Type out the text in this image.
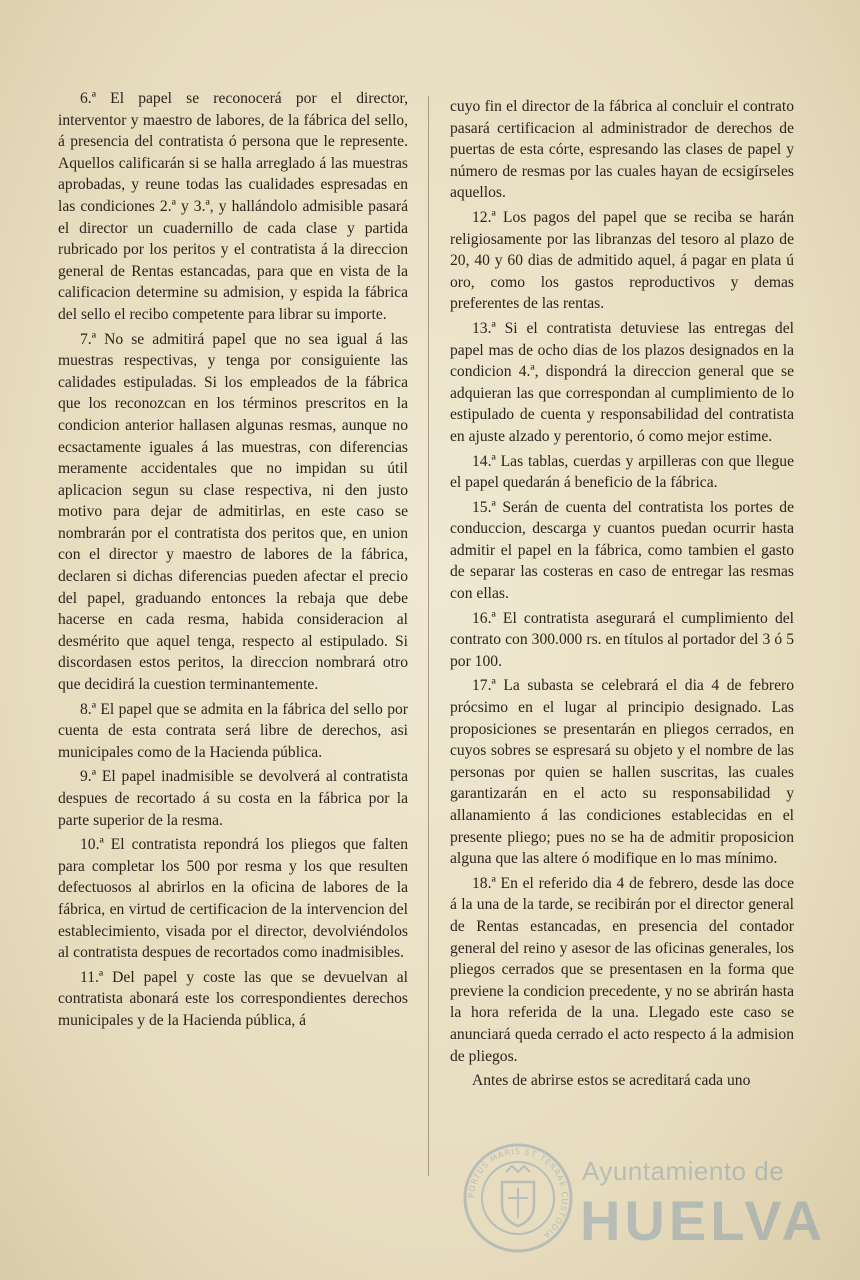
6.ª El papel se reconocerá por el director, interventor y maestro de labores, de la fábrica del sello, á presencia del contratista ó persona que le represente. Aquellos calificarán si se halla arreglado á las muestras aprobadas, y reune todas las cualidades espresadas en las condiciones 2.ª y 3.ª, y hallándolo admisible pasará el director un cuadernillo de cada clase y partida rubricado por los peritos y el contratista á la direccion general de Rentas estancadas, para que en vista de la calificacion determine su admision, y espida la fábrica del sello el recibo competente para librar su importe.

7.ª No se admitirá papel que no sea igual á las muestras respectivas, y tenga por consiguiente las calidades estipuladas. Si los empleados de la fábrica que los reconozcan en los términos prescritos en la condicion anterior hallasen algunas resmas, aunque no ecsactamente iguales á las muestras, con diferencias meramente accidentales que no impidan su útil aplicacion segun su clase respectiva, ni den justo motivo para dejar de admitirlas, en este caso se nombrarán por el contratista dos peritos que, en union con el director y maestro de labores de la fábrica, declaren si dichas diferencias pueden afectar el precio del papel, graduando entonces la rebaja que debe hacerse en cada resma, habida consideracion al desmérito que aquel tenga, respecto al estipulado. Si discordasen estos peritos, la direccion nombrará otro que decidirá la cuestion terminantemente.

8.ª El papel que se admita en la fábrica del sello por cuenta de esta contrata será libre de derechos, asi municipales como de la Hacienda pública.

9.ª El papel inadmisible se devolverá al contratista despues de recortado á su costa en la fábrica por la parte superior de la resma.

10.ª El contratista repondrá los pliegos que falten para completar los 500 por resma y los que resulten defectuosos al abrirlos en la oficina de labores de la fábrica, en virtud de certificacion de la intervencion del establecimiento, visada por el director, devolviéndolos al contratista despues de recortados como inadmisibles.

11.ª Del papel y coste las que se devuelvan al contratista abonará este los correspondientes derechos municipales y de la Hacienda pública, á

cuyo fin el director de la fábrica al concluir el contrato pasará certificacion al administrador de derechos de puertas de esta córte, espresando las clases de papel y número de resmas por las cuales hayan de ecsigírseles aquellos.

12.ª Los pagos del papel que se reciba se harán religiosamente por las libranzas del tesoro al plazo de 20, 40 y 60 dias de admitido aquel, á pagar en plata ú oro, como los gastos reproductivos y demas preferentes de las rentas.

13.ª Si el contratista detuviese las entregas del papel mas de ocho dias de los plazos designados en la condicion 4.ª, dispondrá la direccion general que se adquieran las que correspondan al cumplimiento de lo estipulado de cuenta y responsabilidad del contratista en ajuste alzado y perentorio, ó como mejor estime.

14.ª Las tablas, cuerdas y arpilleras con que llegue el papel quedarán á beneficio de la fábrica.

15.ª Serán de cuenta del contratista los portes de conduccion, descarga y cuantos puedan ocurrir hasta admitir el papel en la fábrica, como tambien el gasto de separar las costeras en caso de entregar las resmas con ellas.

16.ª El contratista asegurará el cumplimiento del contrato con 300.000 rs. en títulos al portador del 3 ó 5 por 100.

17.ª La subasta se celebrará el dia 4 de febrero prócsimo en el lugar al principio designado. Las proposiciones se presentarán en pliegos cerrados, en cuyos sobres se espresará su objeto y el nombre de las personas por quien se hallen suscritas, las cuales garantizarán en el acto su responsabilidad y allanamiento á las condiciones establecidas en el presente pliego; pues no se ha de admitir proposicion alguna que las altere ó modifique en lo mas mínimo.

18.ª En el referido dia 4 de febrero, desde las doce á la una de la tarde, se recibirán por el director general de Rentas estancadas, en presencia del contador general del reino y asesor de las oficinas generales, los pliegos cerrados que se presentasen en la forma que previene la condicion precedente, y no se abrirán hasta la hora referida de la una. Llegado este caso se anunciará queda cerrado el acto respecto á la admision de pliegos.

Antes de abrirse estos se acreditará cada uno

PORTUS MARIS ET TERRAE CUSTODIA
Ayuntamiento de
HUELVA
